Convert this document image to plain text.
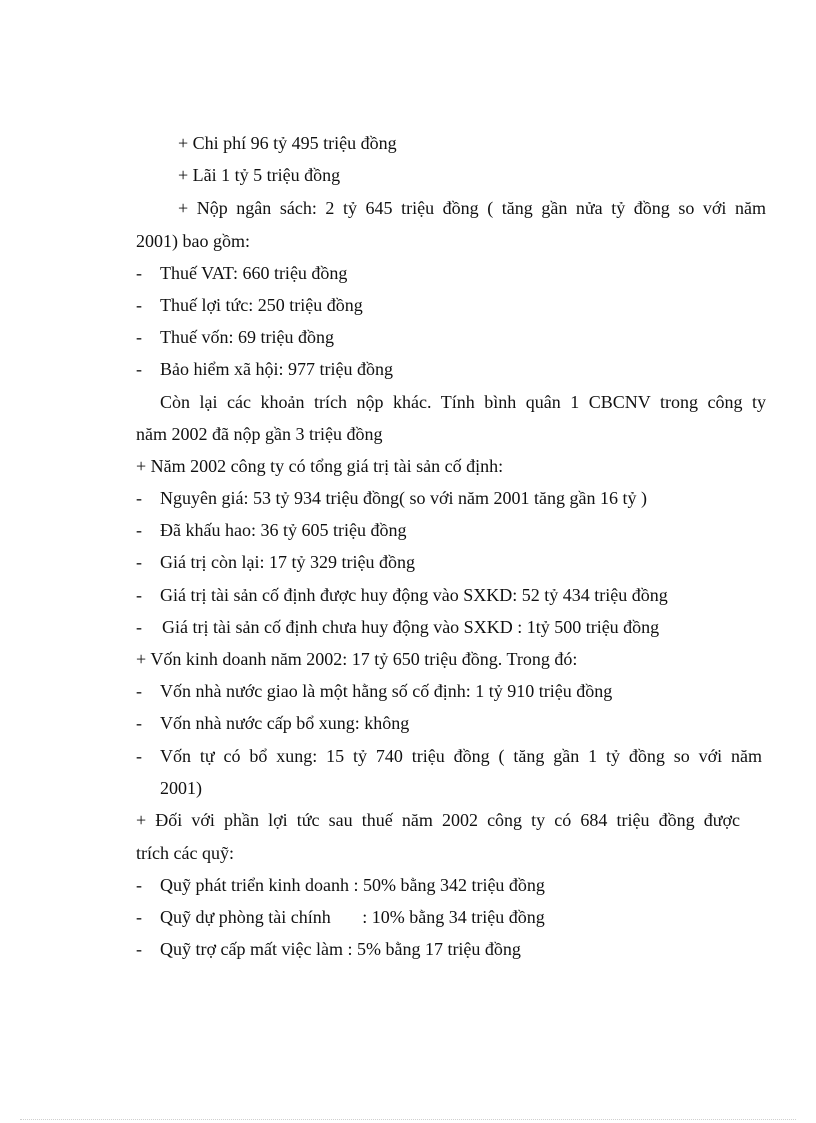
+ Chi phí 96 tỷ 495 triệu đồng
+ Lãi 1 tỷ 5 triệu đồng
+ Nộp ngân sách: 2 tỷ 645 triệu đồng ( tăng gần nửa tỷ đồng so với năm
2001) bao gồm:
- Thuế VAT: 660 triệu đồng
- Thuế lợi tức: 250 triệu đồng
- Thuế vốn: 69 triệu đồng
- Bảo hiểm xã hội: 977 triệu đồng
Còn lại các khoản trích nộp khác. Tính bình quân 1 CBCNV trong công ty
năm 2002 đã nộp gần 3 triệu đồng
+ Năm 2002 công ty có tổng giá trị tài sản cố định:
- Nguyên giá: 53 tỷ 934 triệu đồng( so với năm 2001 tăng gần 16 tỷ )
- Đã khấu hao: 36 tỷ 605 triệu đồng
- Giá trị còn lại: 17 tỷ 329 triệu đồng
- Giá trị tài sản cố định được huy động vào SXKD: 52 tỷ 434 triệu đồng
- Giá trị tài sản cố định chưa huy động vào SXKD : 1tỷ 500 triệu đồng
+ Vốn kinh doanh năm 2002: 17 tỷ 650 triệu đồng. Trong đó:
- Vốn nhà nước giao là một hằng số cố định: 1 tỷ 910 triệu đồng
- Vốn nhà nước cấp bổ xung: không
- Vốn tự có bổ xung: 15 tỷ 740 triệu đồng ( tăng gần 1 tỷ đồng so với năm
2001)
+ Đối với phần lợi tức sau thuế năm 2002 công ty có 684 triệu đồng được
trích các quỹ:
- Quỹ phát triển kinh doanh : 50% bằng 342 triệu đồng
- Quỹ dự phòng tài chính       : 10% bằng 34 triệu đồng
- Quỹ trợ cấp mất việc làm : 5% bằng 17 triệu đồng
